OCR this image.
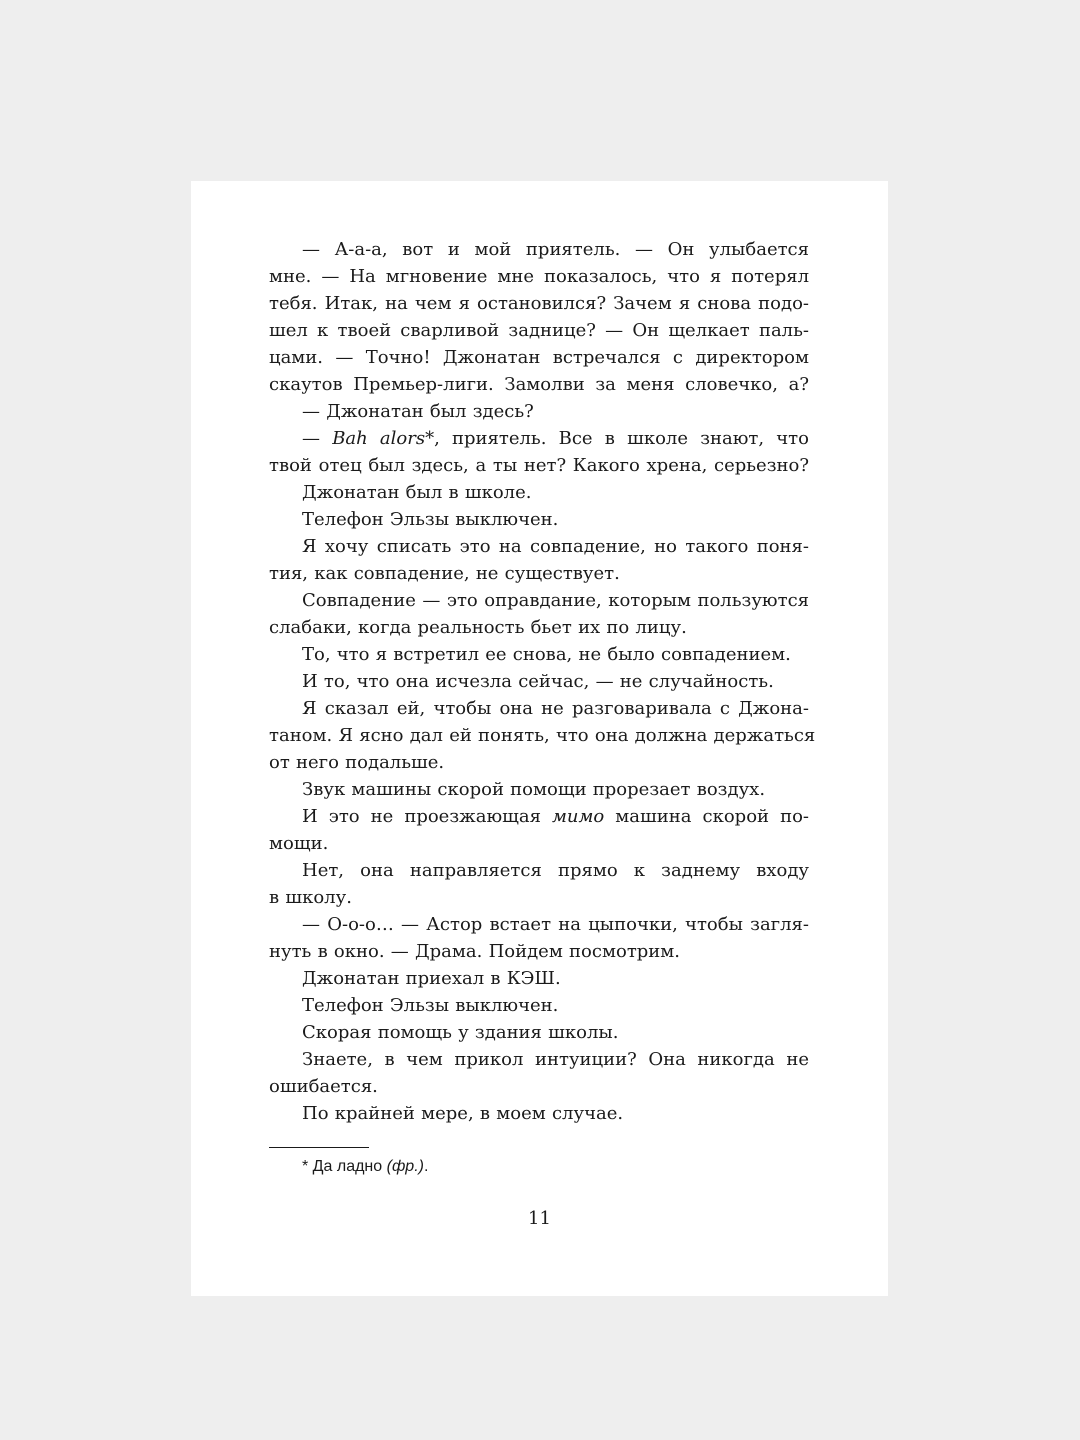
— А-а-а, вот и мой приятель. — Он улыбается
мне. — На мгновение мне показалось, что я потерял
тебя. Итак, на чем я остановился? Зачем я снова подо-
шел к твоей сварливой заднице? — Он щелкает паль-
цами. — Точно! Джонатан встречался с директором
скаутов Премьер-лиги. Замолви за меня словечко, а?
— Джонатан был здесь?
— Bah alors*, приятель. Все в школе знают, что
твой отец был здесь, а ты нет? Какого хрена, серьезно?
Джонатан был в школе.
Телефон Эльзы выключен.
Я хочу списать это на совпадение, но такого поня-
тия, как совпадение, не существует.
Совпадение — это оправдание, которым пользуются
слабаки, когда реальность бьет их по лицу.
То, что я встретил ее снова, не было совпадением.
И то, что она исчезла сейчас, — не случайность.
Я сказал ей, чтобы она не разговаривала с Джона-
таном. Я ясно дал ей понять, что она должна держаться
от него подальше.
Звук машины скорой помощи прорезает воздух.
И это не проезжающая мимо машина скорой по-
мощи.
Нет, она направляется прямо к заднему входу
в школу.
— О-о-о… — Астор встает на цыпочки, чтобы загля-
нуть в окно. — Драма. Пойдем посмотрим.
Джонатан приехал в КЭШ.
Телефон Эльзы выключен.
Скорая помощь у здания школы.
Знаете, в чем прикол интуиции? Она никогда не
ошибается.
По крайней мере, в моем случае.
* Да ладно (фр.).
11
